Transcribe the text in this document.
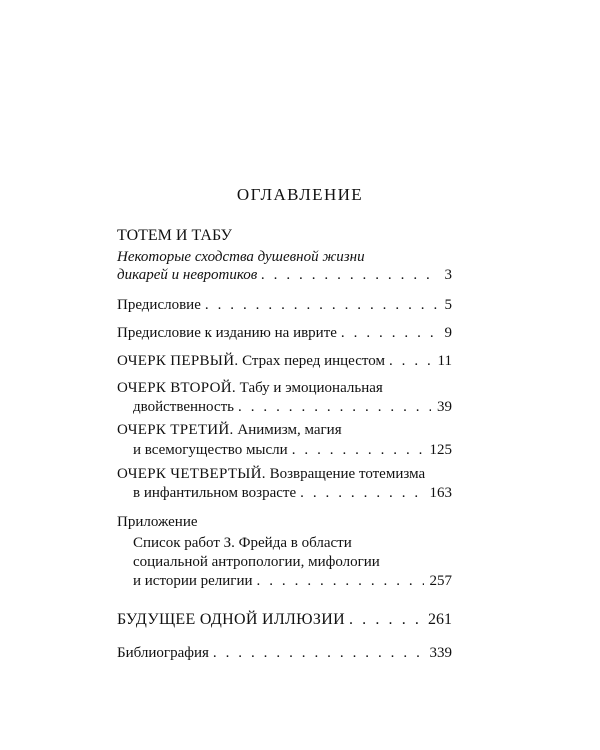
ОГЛАВЛЕНИЕ
ТОТЕМ И ТАБУ
Некоторые сходства душевной жизни
дикарей и невротиков . . .	3
Предисловие . . .	5
Предисловие к изданию на иврите . . .	9
ОЧЕРК ПЕРВЫЙ. Страх перед инцестом . . .	11
ОЧЕРК ВТОРОЙ. Табу и эмоциональная
двойственность . . .	39
ОЧЕРК ТРЕТИЙ. Анимизм, магия
и всемогущество мысли . . .	125
ОЧЕРК ЧЕТВЕРТЫЙ. Возвращение тотемизма
в инфантильном возрасте . . .	163
Приложение
Список работ З. Фрейда в области
социальной антропологии, мифологии
и истории религии . . .	257
БУДУЩЕЕ ОДНОЙ ИЛЛЮЗИИ . . .	261
Библиография . . .	339
